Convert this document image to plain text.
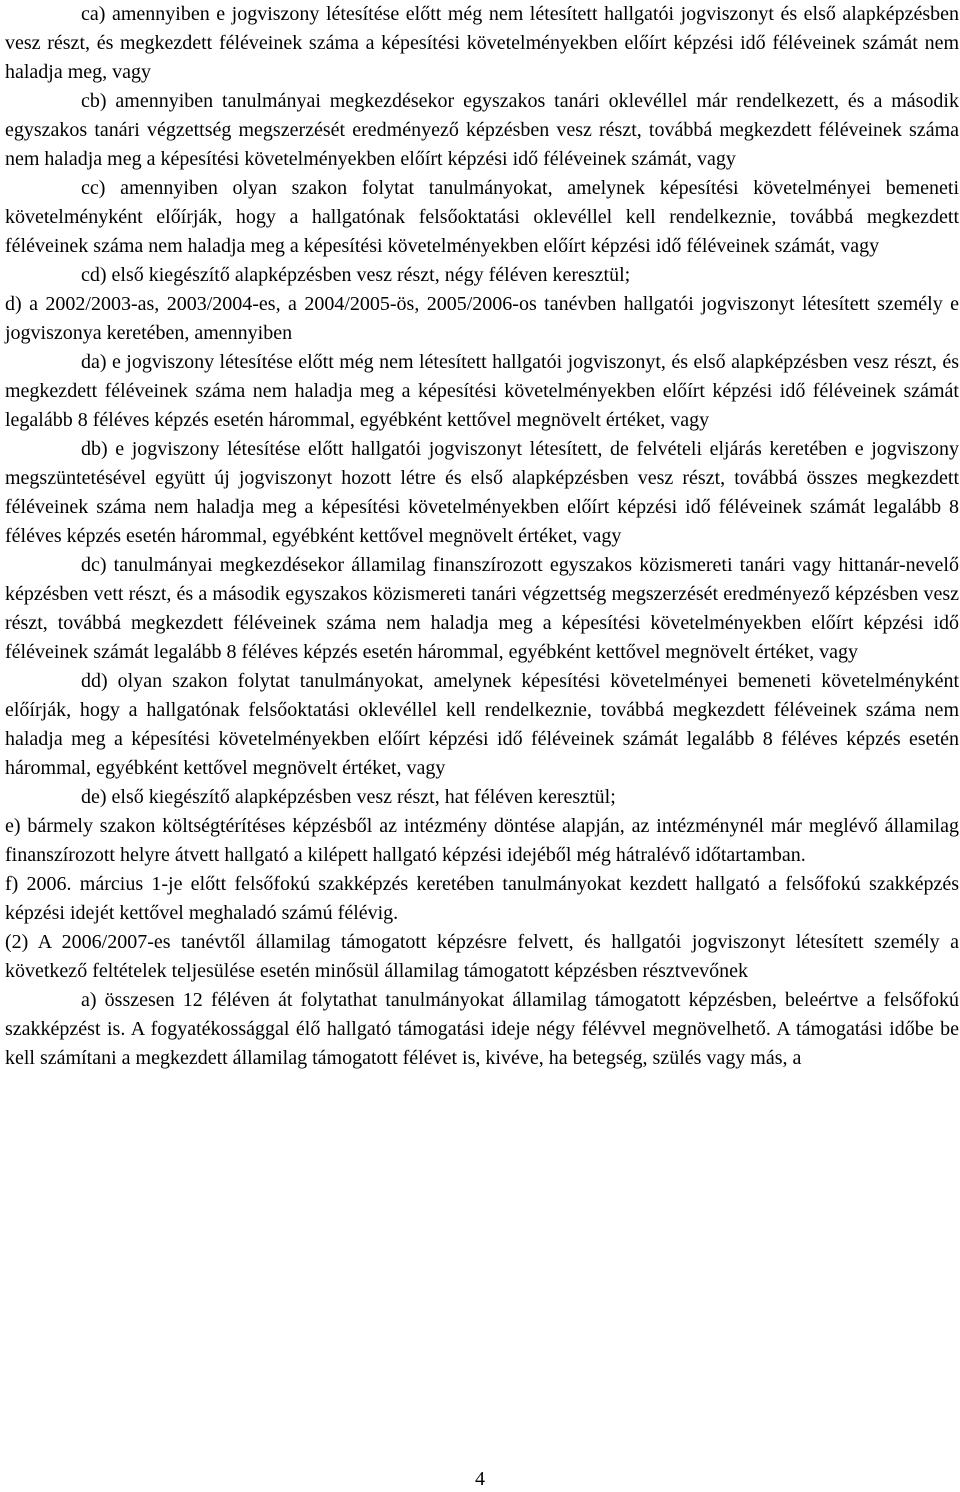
ca) amennyiben e jogviszony létesítése előtt még nem létesített hallgatói jogviszonyt és első alapképzésben vesz részt, és megkezdett féléveinek száma a képesítési követelményekben előírt képzési idő féléveinek számát nem haladja meg, vagy

cb) amennyiben tanulmányai megkezdésekor egyszakos tanári oklevéllel már rendelkezett, és a második egyszakos tanári végzettség megszerzését eredményező képzésben vesz részt, továbbá megkezdett féléveinek száma nem haladja meg a képesítési követelményekben előírt képzési idő féléveinek számát, vagy

cc) amennyiben olyan szakon folytat tanulmányokat, amelynek képesítési követelményei bemeneti követelményként előírják, hogy a hallgatónak felsőoktatási oklevéllel kell rendelkeznie, továbbá megkezdett féléveinek száma nem haladja meg a képesítési követelményekben előírt képzési idő féléveinek számát, vagy

cd) első kiegészítő alapképzésben vesz részt, négy féléven keresztül;

d) a 2002/2003-as, 2003/2004-es, a 2004/2005-ös, 2005/2006-os tanévben hallgatói jogviszonyt létesített személy e jogviszonya keretében, amennyiben

da) e jogviszony létesítése előtt még nem létesített hallgatói jogviszonyt, és első alapképzésben vesz részt, és megkezdett féléveinek száma nem haladja meg a képesítési követelményekben előírt képzési idő féléveinek számát legalább 8 féléves képzés esetén hárommal, egyébként kettővel megnövelt értéket, vagy

db) e jogviszony létesítése előtt hallgatói jogviszonyt létesített, de felvételi eljárás keretében e jogviszony megszüntetésével együtt új jogviszonyt hozott létre és első alapképzésben vesz részt, továbbá összes megkezdett féléveinek száma nem haladja meg a képesítési követelményekben előírt képzési idő féléveinek számát legalább 8 féléves képzés esetén hárommal, egyébként kettővel megnövelt értéket, vagy

dc) tanulmányai megkezdésekor államilag finanszírozott egyszakos közismereti tanári vagy hittanár-nevelő képzésben vett részt, és a második egyszakos közismereti tanári végzettség megszerzését eredményező képzésben vesz részt, továbbá megkezdett féléveinek száma nem haladja meg a képesítési követelményekben előírt képzési idő féléveinek számát legalább 8 féléves képzés esetén hárommal, egyébként kettővel megnövelt értéket, vagy

dd) olyan szakon folytat tanulmányokat, amelynek képesítési követelményei bemeneti követelményként előírják, hogy a hallgatónak felsőoktatási oklevéllel kell rendelkeznie, továbbá megkezdett féléveinek száma nem haladja meg a képesítési követelményekben előírt képzési idő féléveinek számát legalább 8 féléves képzés esetén hárommal, egyébként kettővel megnövelt értéket, vagy

de) első kiegészítő alapképzésben vesz részt, hat féléven keresztül;

e) bármely szakon költségtérítéses képzésből az intézmény döntése alapján, az intézménynél már meglévő államilag finanszírozott helyre átvett hallgató a kilépett hallgató képzési idejéből még hátralévő időtartamban.

f) 2006. március 1-je előtt felsőfokú szakképzés keretében tanulmányokat kezdett hallgató a felsőfokú szakképzés képzési idejét kettővel meghaladó számú félévig.

(2) A 2006/2007-es tanévtől államilag támogatott képzésre felvett, és hallgatói jogviszonyt létesített személy a következő feltételek teljesülése esetén minősül államilag támogatott képzésben résztvevőnek

a) összesen 12 féléven át folytathat tanulmányokat államilag támogatott képzésben, beleértve a felsőfokú szakképzést is. A fogyatékossággal élő hallgató támogatási ideje négy félévvel megnövelhető. A támogatási időbe be kell számítani a megkezdett államilag támogatott félévet is, kivéve, ha betegség, szülés vagy más, a

4
